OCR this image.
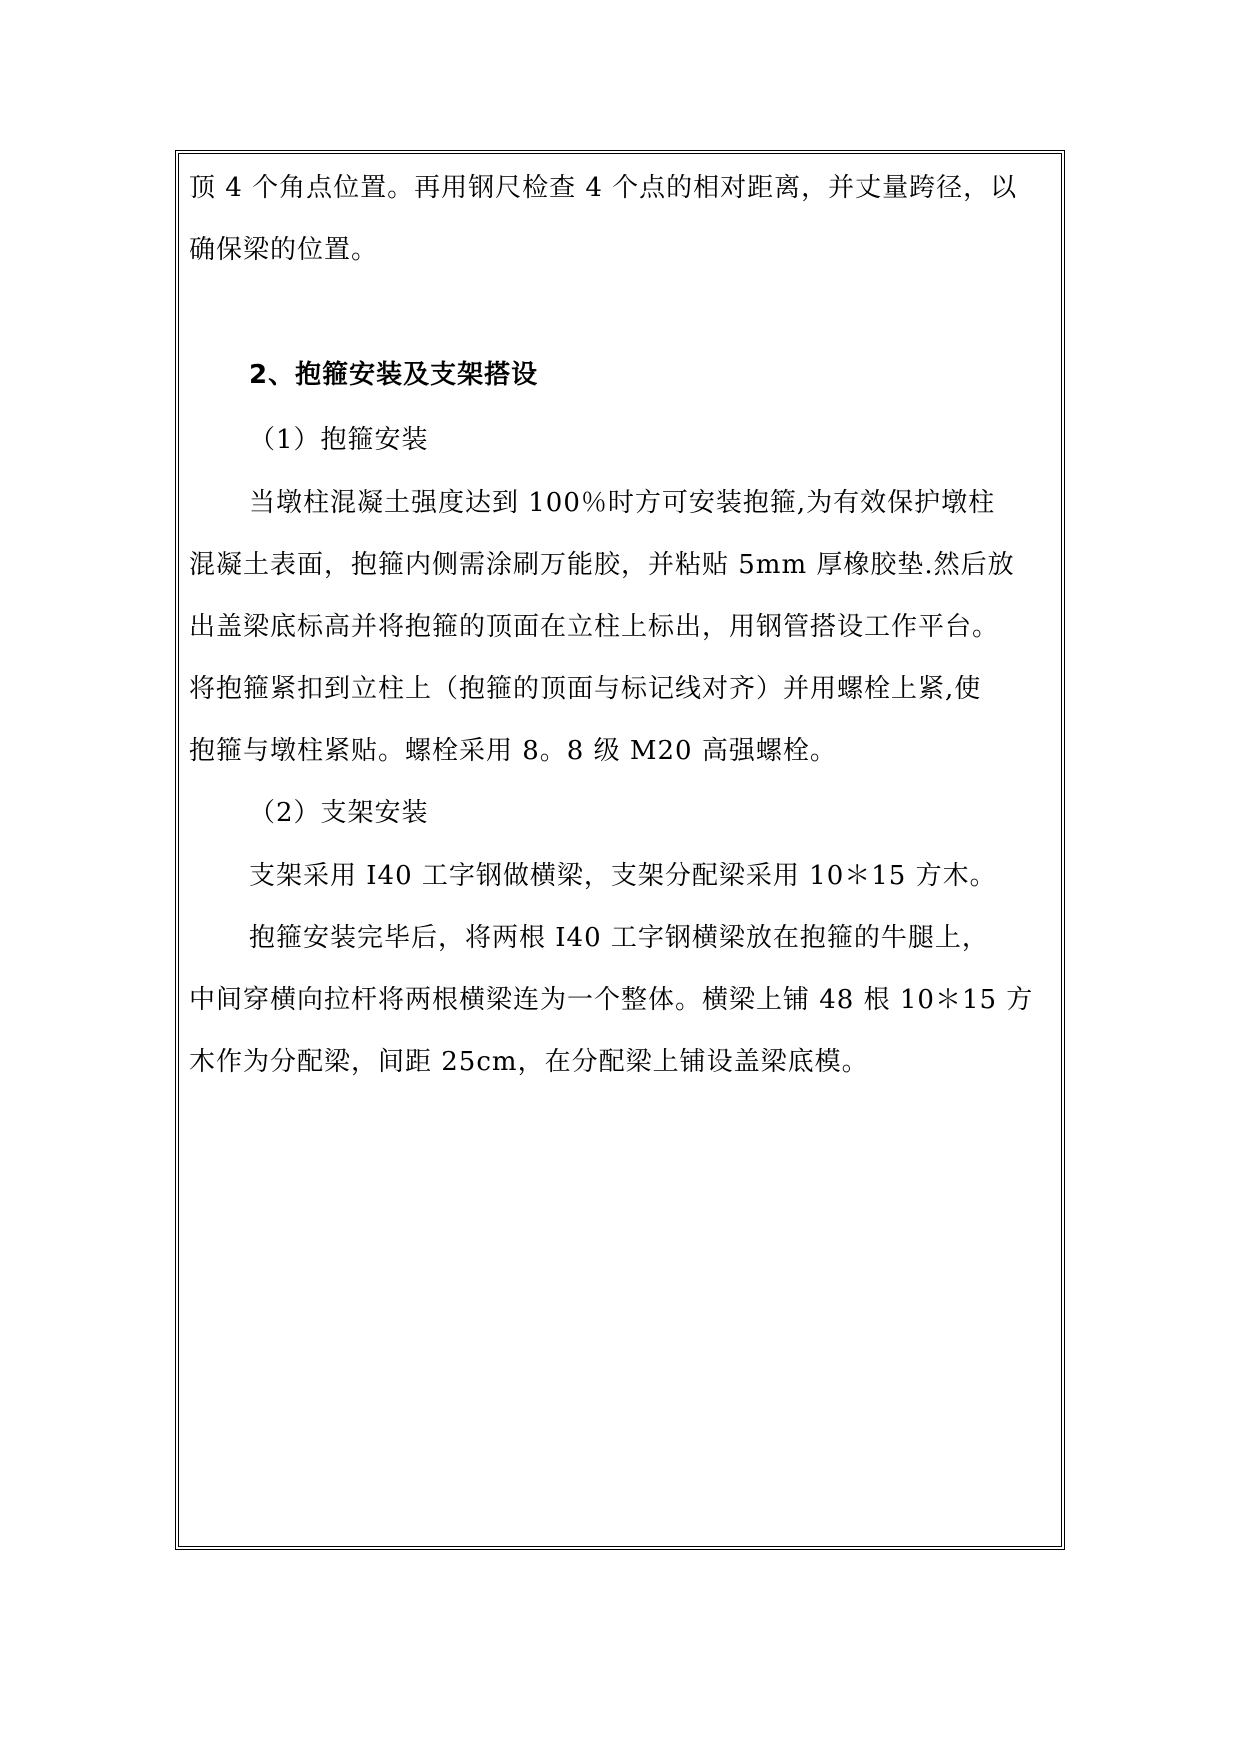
顶 4 个角点位置。再用钢尺检查 4 个点的相对距离，并丈量跨径，以
确保梁的位置。
2、抱箍安装及支架搭设
（1）抱箍安装
当墩柱混凝土强度达到 100％时方可安装抱箍,为有效保护墩柱
混凝土表面，抱箍内侧需涂刷万能胶，并粘贴 5mm 厚橡胶垫.然后放
出盖梁底标高并将抱箍的顶面在立柱上标出，用钢管搭设工作平台。
将抱箍紧扣到立柱上（抱箍的顶面与标记线对齐）并用螺栓上紧,使
抱箍与墩柱紧贴。螺栓采用 8。8 级 M20 高强螺栓。
（2）支架安装
支架采用 I40 工字钢做横梁，支架分配梁采用 10＊15 方木。
抱箍安装完毕后，将两根 I40 工字钢横梁放在抱箍的牛腿上，
中间穿横向拉杆将两根横梁连为一个整体。横梁上铺 48 根 10＊15 方
木作为分配梁，间距 25cm，在分配梁上铺设盖梁底模。
